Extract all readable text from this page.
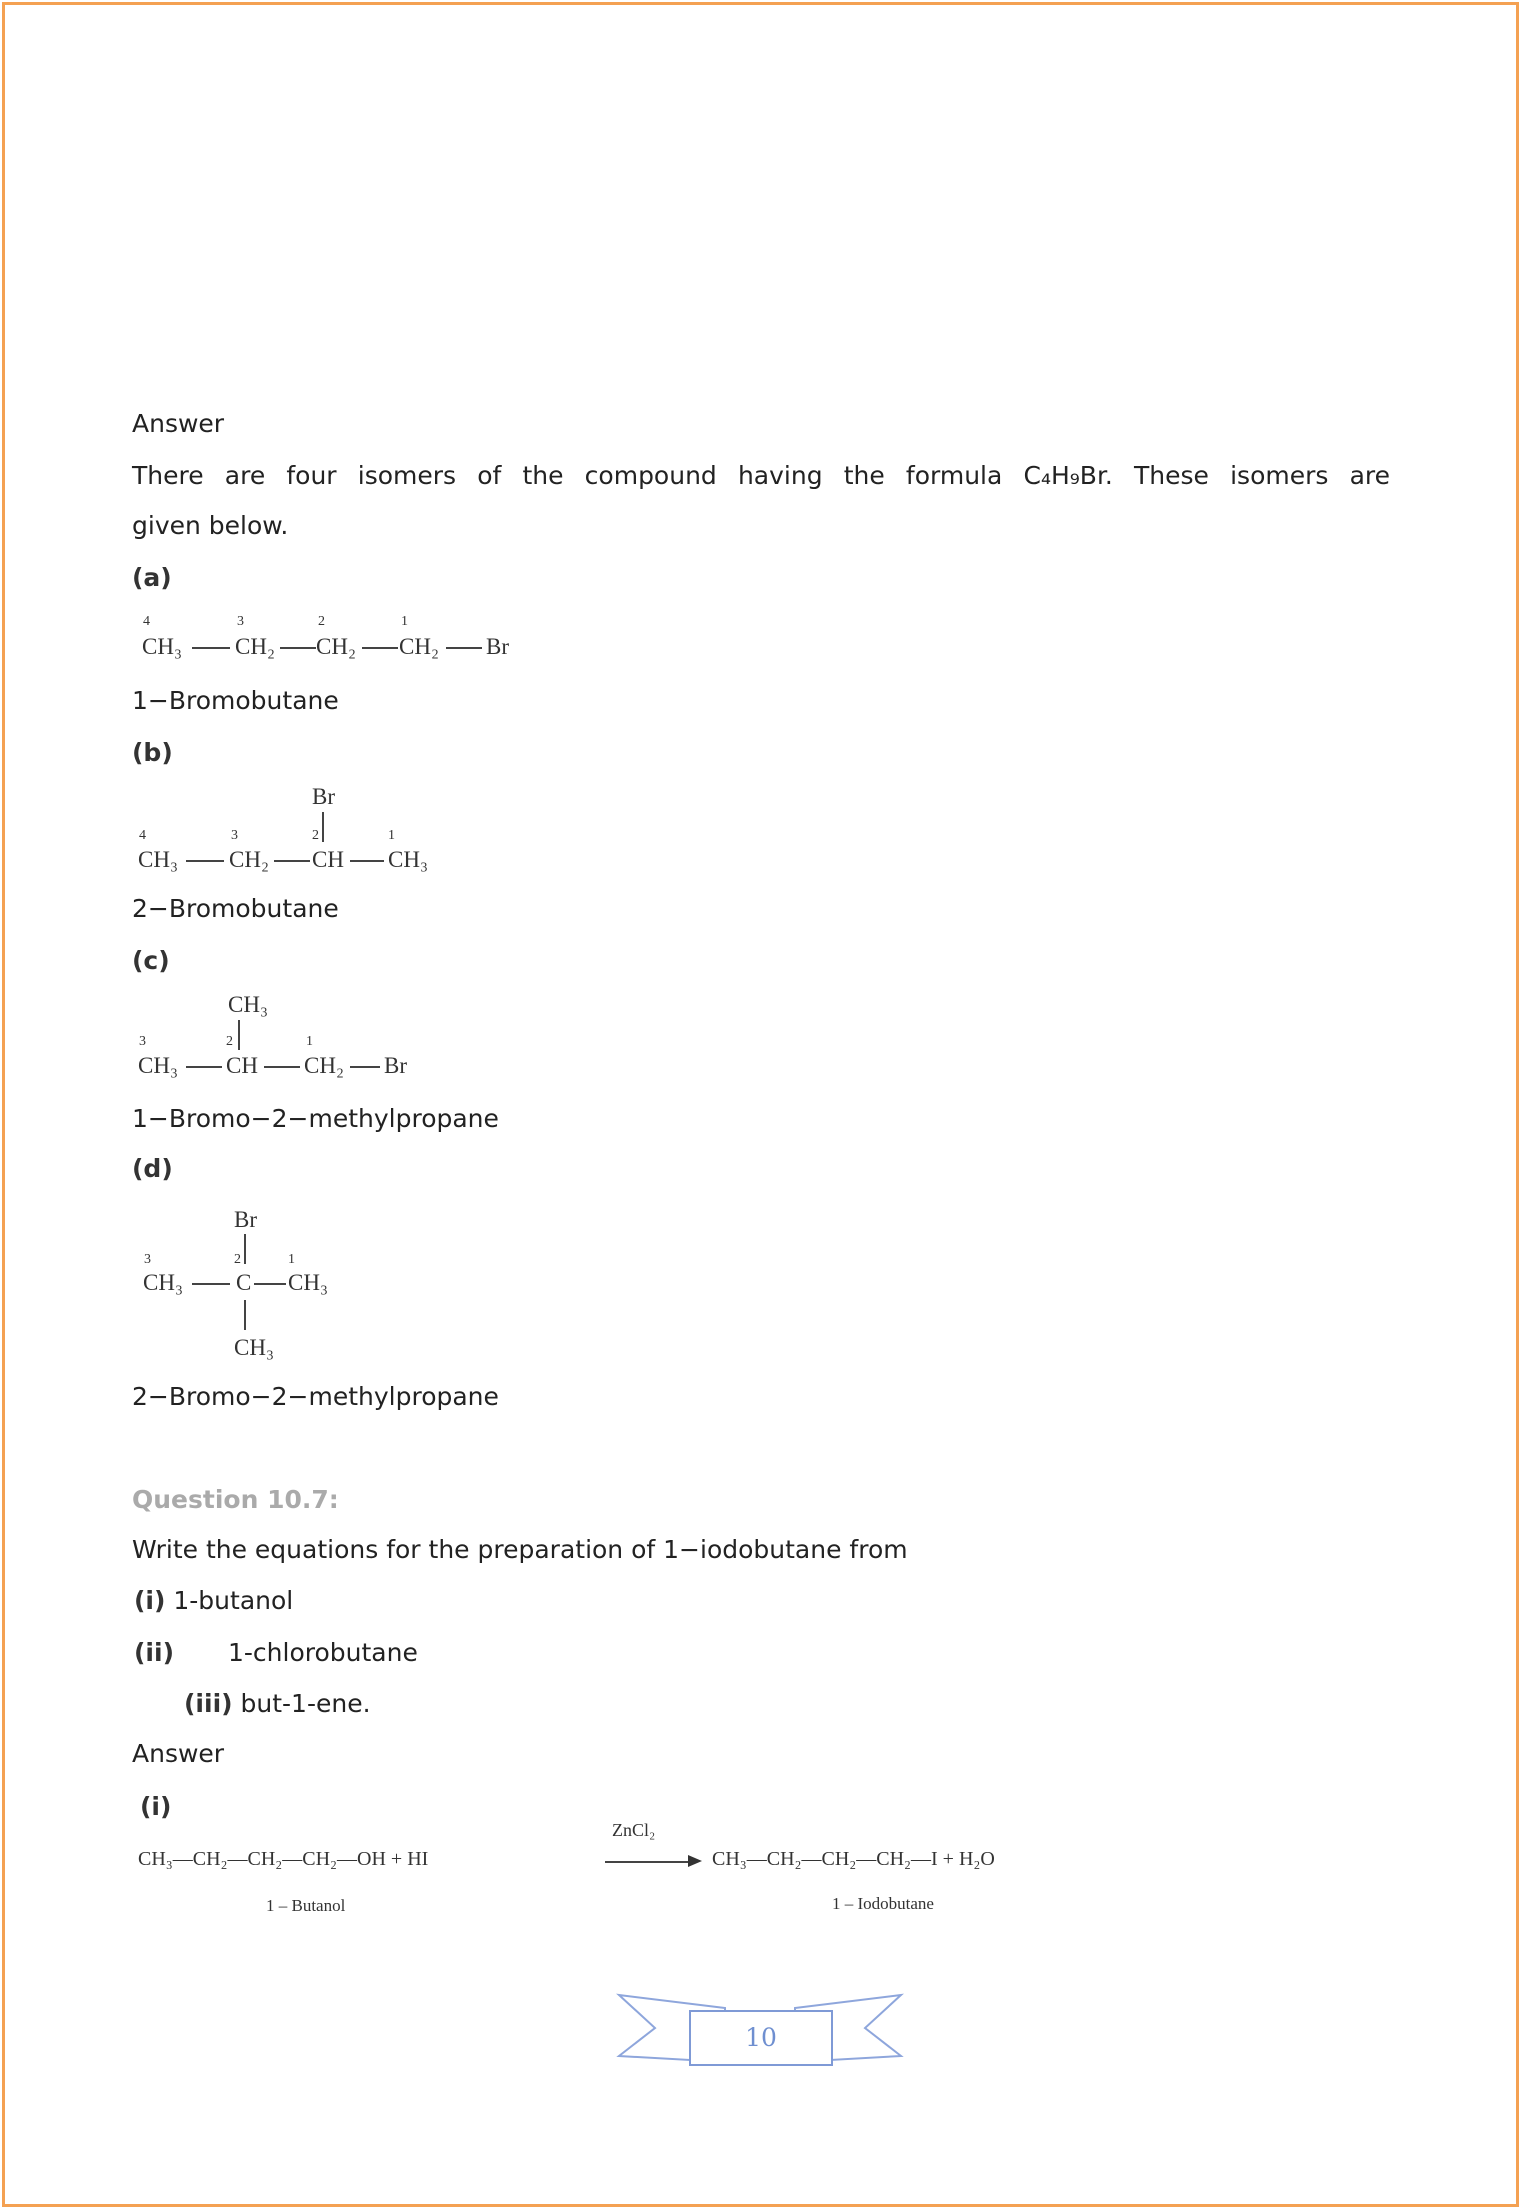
Answer
There are four isomers of the compound having the formula C₄H₉Br. These isomers are
given below.
(a)
4	3	2	1
CH₃ CH₂ CH₂ CH₂ Br
1−Bromobutane
(b)
Br
4	3	2	1
CH₃ CH₂ CH CH₃
2−Bromobutane
(c)
CH₃
3	2	1
CH₃ CH CH₂ Br
1−Bromo−2−methylpropane
(d)
Br
3	2	1
CH₃ C CH₃
CH₃
2−Bromo−2−methylpropane
Question 10.7:
Write the equations for the preparation of 1−iodobutane from
(i) 1-butanol
(ii) 1-chlorobutane
(iii) but-1-ene.
Answer
(i)
CH₃—CH₂—CH₂—CH₂—OH + HI
ZnCl₂
CH₃—CH₂—CH₂—CH₂—I + H₂O
1 – Butanol	1 – Iodobutane
10
